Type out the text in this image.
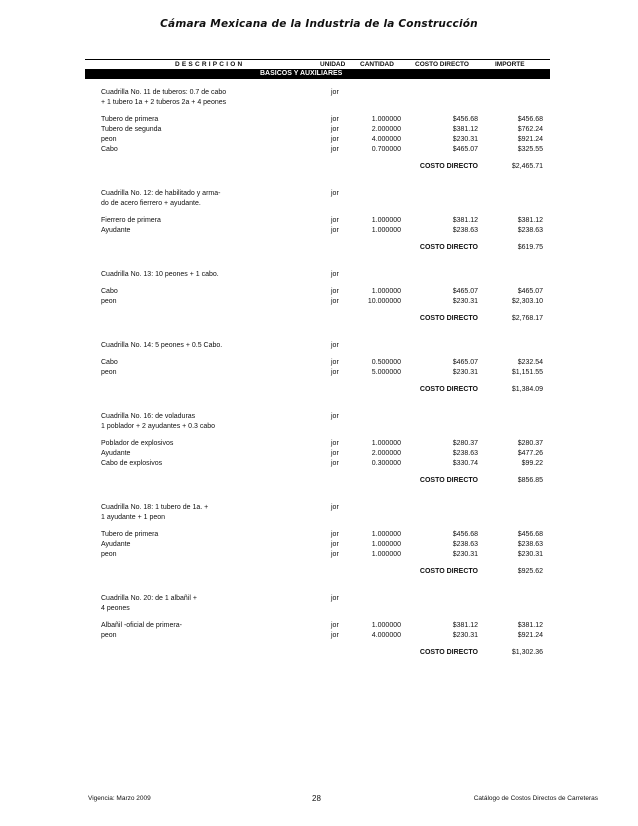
Cámara Mexicana de la Industria de la Construcción
DESCRIPCION	UNIDAD CANTIDAD	COSTO DIRECTO	IMPORTE
BASICOS Y AUXILIARES
Cuadrilla No. 11 de tuberos: 0.7 de cabo	jor
+ 1 tubero 1a + 2 tuberos 2a + 4 peones
Tubero de primera	jor	1.000000	$456.68	$456.68
Tubero de segunda	jor	2.000000	$381.12	$762.24
peon	jor	4.000000	$230.31	$921.24
Cabo	jor	0.700000	$465.07	$325.55
COSTO DIRECTO	$2,465.71
Cuadrilla No. 12: de habilitado y arma-	jor
do de acero fierrero + ayudante.
Fierrero de primera	jor	1.000000	$381.12	$381.12
Ayudante	jor	1.000000	$238.63	$238.63
COSTO DIRECTO	$619.75
Cuadrilla No. 13: 10 peones + 1 cabo.	jor
Cabo	jor	1.000000	$465.07	$465.07
peon	jor	10.000000	$230.31	$2,303.10
COSTO DIRECTO	$2,768.17
Cuadrilla No. 14: 5 peones + 0.5 Cabo.	jor
Cabo	jor	0.500000	$465.07	$232.54
peon	jor	5.000000	$230.31	$1,151.55
COSTO DIRECTO	$1,384.09
Cuadrilla No. 16: de voladuras	jor
1 poblador + 2 ayudantes + 0.3 cabo
Poblador de explosivos	jor	1.000000	$280.37	$280.37
Ayudante	jor	2.000000	$238.63	$477.26
Cabo de explosivos	jor	0.300000	$330.74	$99.22
COSTO DIRECTO	$856.85
Cuadrilla No. 18: 1 tubero de 1a. +	jor
1 ayudante + 1 peon
Tubero de primera	jor	1.000000	$456.68	$456.68
Ayudante	jor	1.000000	$238.63	$238.63
peon	jor	1.000000	$230.31	$230.31
COSTO DIRECTO	$925.62
Cuadrilla No. 20: de 1 albañil +	jor
4 peones
Albañil -oficial de primera-	jor	1.000000	$381.12	$381.12
peon	jor	4.000000	$230.31	$921.24
COSTO DIRECTO	$1,302.36
Vigencia: Marzo 2009	28	Catálogo de Costos Directos de Carreteras
